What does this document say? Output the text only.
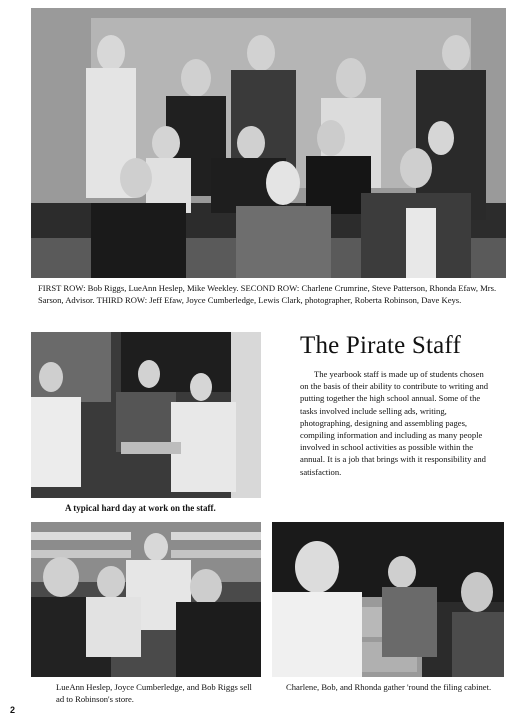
FIRST ROW: Bob Riggs, LueAnn Heslep, Mike Weekley. SECOND ROW: Charlene Crumrine, Steve Patterson, Rhonda Efaw, Mrs. Sarson, Advisor. THIRD ROW: Jeff Efaw, Joyce Cumberledge, Lewis Clark, photographer, Roberta Robinson, Dave Keys.
A typical hard day at work on the staff.
The Pirate Staff
The yearbook staff is made up of students chosen on the basis of their ability to contribute to writing and putting together the high school annual. Some of the tasks involved include selling ads, writing, photographing, designing and assembling pages, compiling information and including as many people involved in school activities as possible within the annual. It is a job that brings with it responsibility and satisfaction.
LueAnn Heslep, Joyce Cumberledge, and Bob Riggs sell ad to Robinson's store.
Charlene, Bob, and Rhonda gather 'round the filing cabinet.
2
